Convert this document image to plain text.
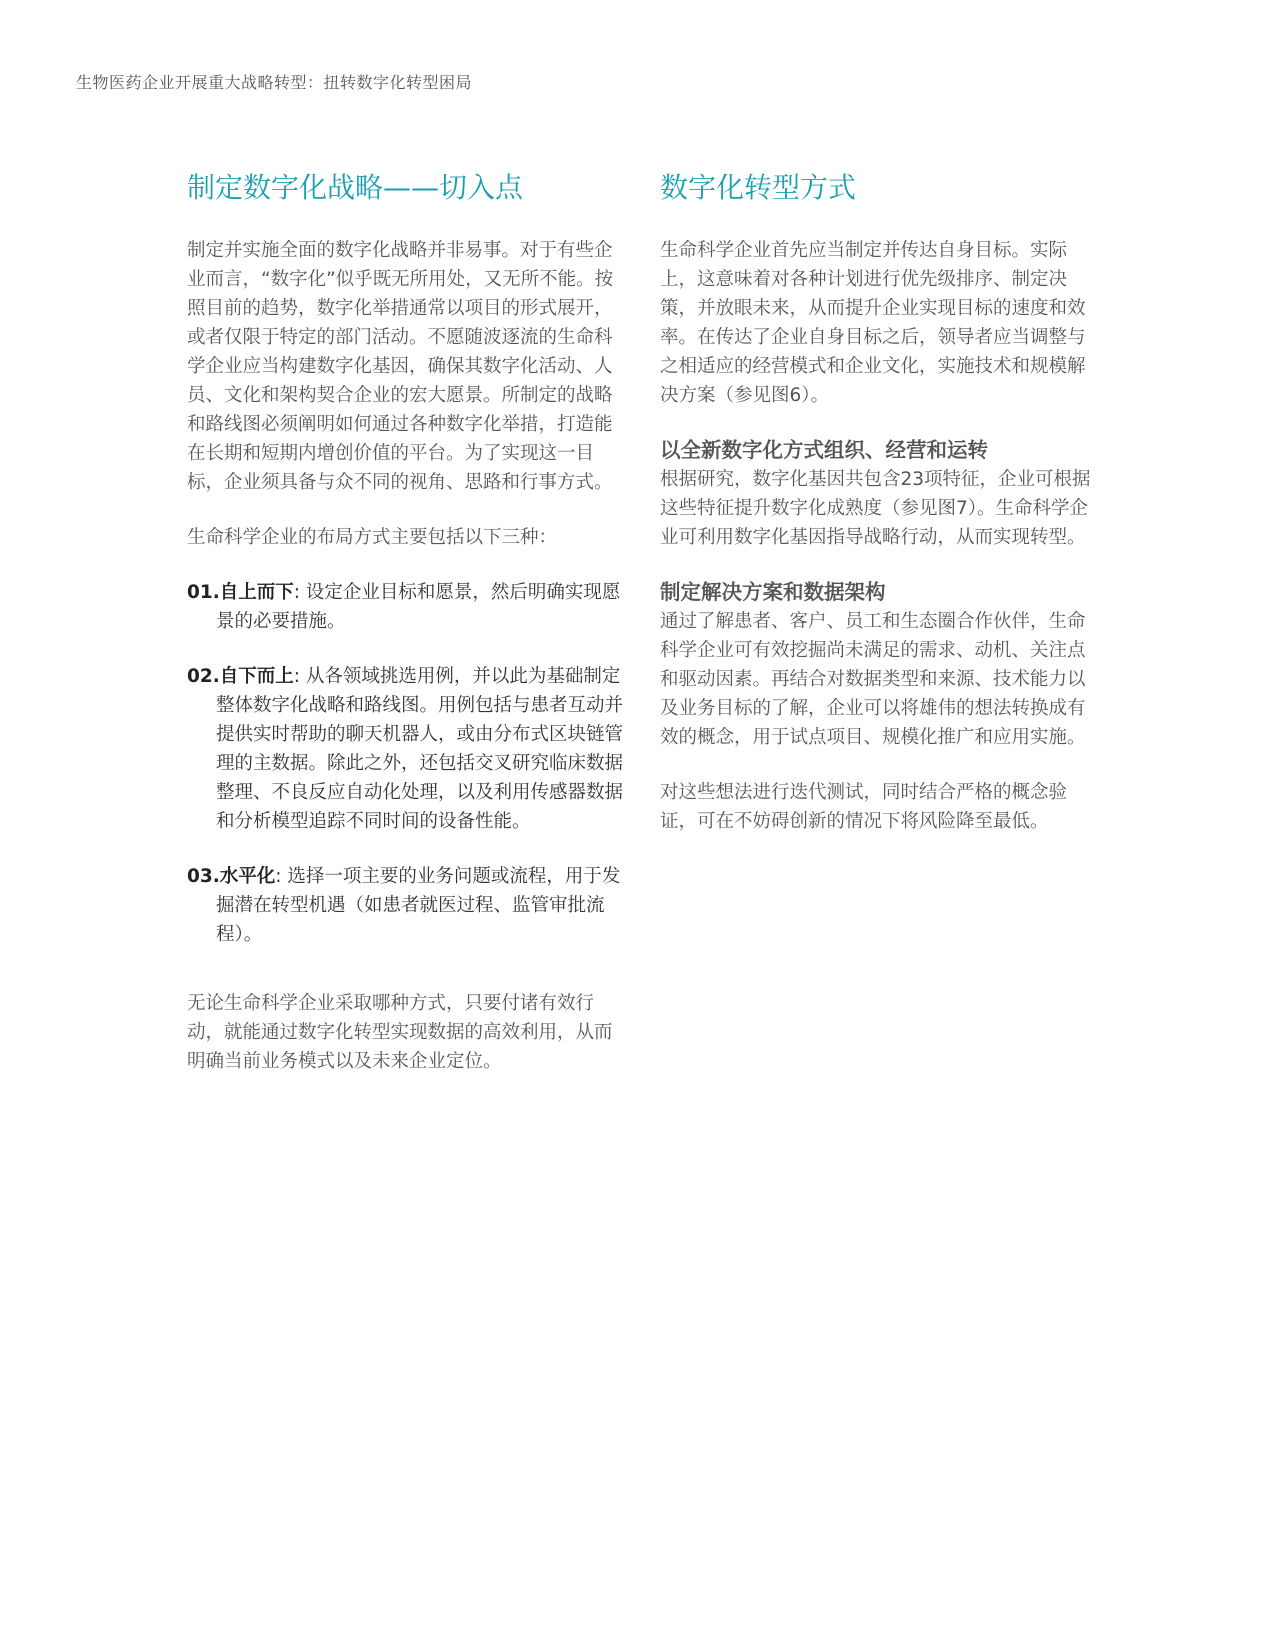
生物医药企业开展重大战略转型：扭转数字化转型困局
制定数字化战略——切入点

制定并实施全面的数字化战略并非易事。对于有些企业而言，“数字化”似乎既无所用处，又无所不能。按照目前的趋势，数字化举措通常以项目的形式展开，或者仅限于特定的部门活动。不愿随波逐流的生命科学企业应当构建数字化基因，确保其数字化活动、人员、文化和架构契合企业的宏大愿景。所制定的战略和路线图必须阐明如何通过各种数字化举措，打造能在长期和短期内增创价值的平台。为了实现这一目标，企业须具备与众不同的视角、思路和行事方式。

生命科学企业的布局方式主要包括以下三种：

01.自上而下: 设定企业目标和愿景，然后明确实现愿景的必要措施。

02.自下而上: 从各领域挑选用例，并以此为基础制定整体数字化战略和路线图。用例包括与患者互动并提供实时帮助的聊天机器人，或由分布式区块链管理的主数据。除此之外，还包括交叉研究临床数据整理、不良反应自动化处理，以及利用传感器数据和分析模型追踪不同时间的设备性能。

03.水平化: 选择一项主要的业务问题或流程，用于发掘潜在转型机遇（如患者就医过程、监管审批流程）。

无论生命科学企业采取哪种方式，只要付诸有效行动，就能通过数字化转型实现数据的高效利用，从而明确当前业务模式以及未来企业定位。

数字化转型方式

生命科学企业首先应当制定并传达自身目标。实际上，这意味着对各种计划进行优先级排序、制定决策，并放眼未来，从而提升企业实现目标的速度和效率。在传达了企业自身目标之后，领导者应当调整与之相适应的经营模式和企业文化，实施技术和规模解决方案（参见图6）。

以全新数字化方式组织、经营和运转

根据研究，数字化基因共包含23项特征，企业可根据这些特征提升数字化成熟度（参见图7）。生命科学企业可利用数字化基因指导战略行动，从而实现转型。

制定解决方案和数据架构

通过了解患者、客户、员工和生态圈合作伙伴，生命科学企业可有效挖掘尚未满足的需求、动机、关注点和驱动因素。再结合对数据类型和来源、技术能力以及业务目标的了解，企业可以将雄伟的想法转换成有效的概念，用于试点项目、规模化推广和应用实施。

对这些想法进行迭代测试，同时结合严格的概念验证，可在不妨碍创新的情况下将风险降至最低。
